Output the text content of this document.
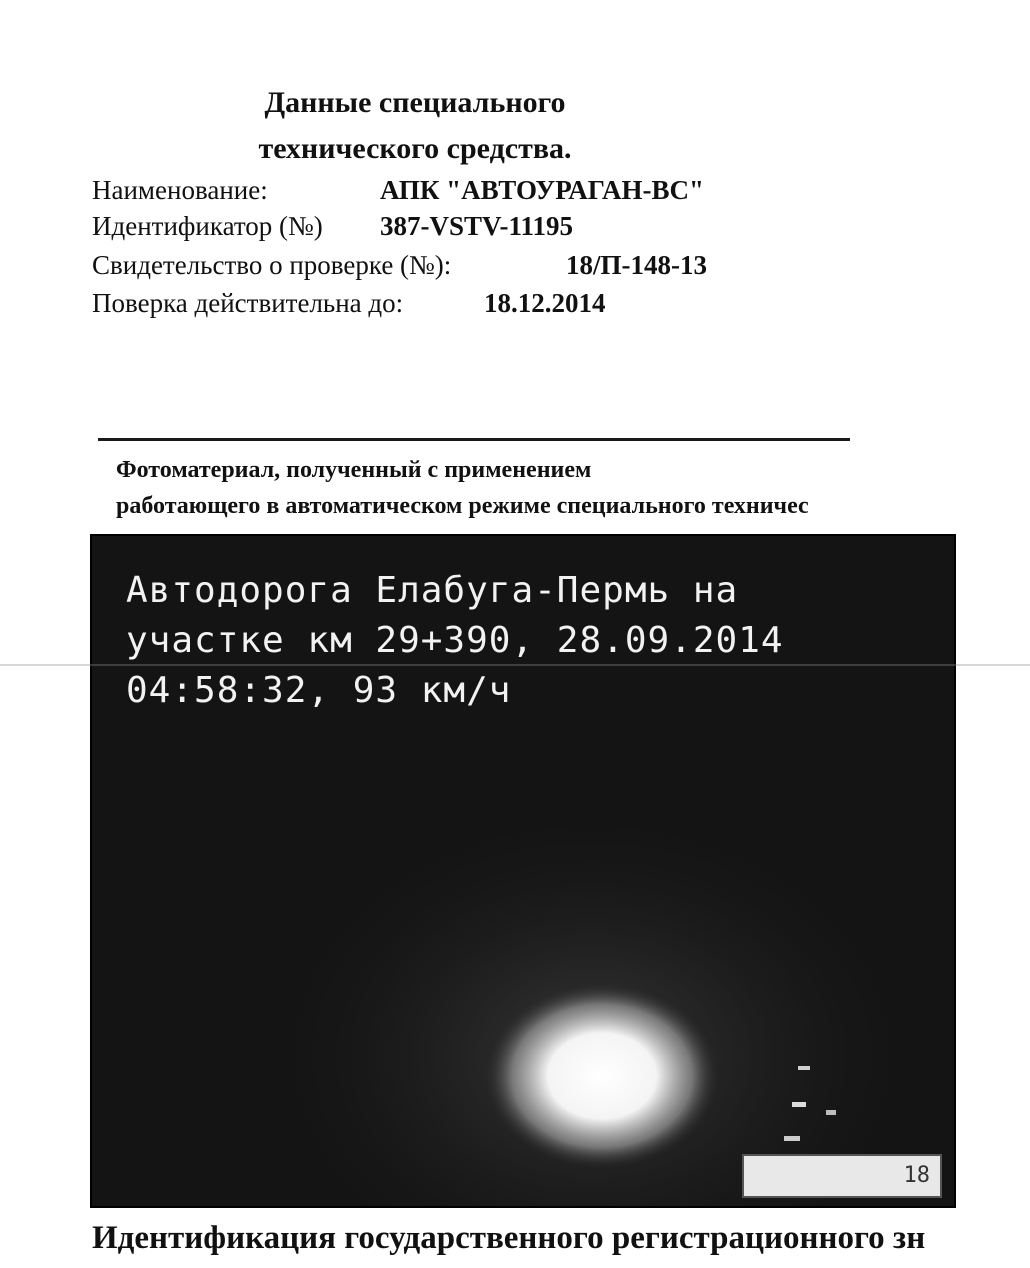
Данные специального
технического средства.
Наименование:	АПК "АВТОУРАГАН-ВС"
Идентификатор (№) 387-VSTV-11195
Свидетельство о проверке (№):	18/П-148-13
Поверка действительна до:	18.12.2014
Фотоматериал, полученный с применением
работающего в автоматическом режиме специального техничес
Автодорога Елабуга-Пермь на
участке км 29+390, 28.09.2014
04:58:32, 93 км/ч
18
Идентификация государственного регистрационного зн
